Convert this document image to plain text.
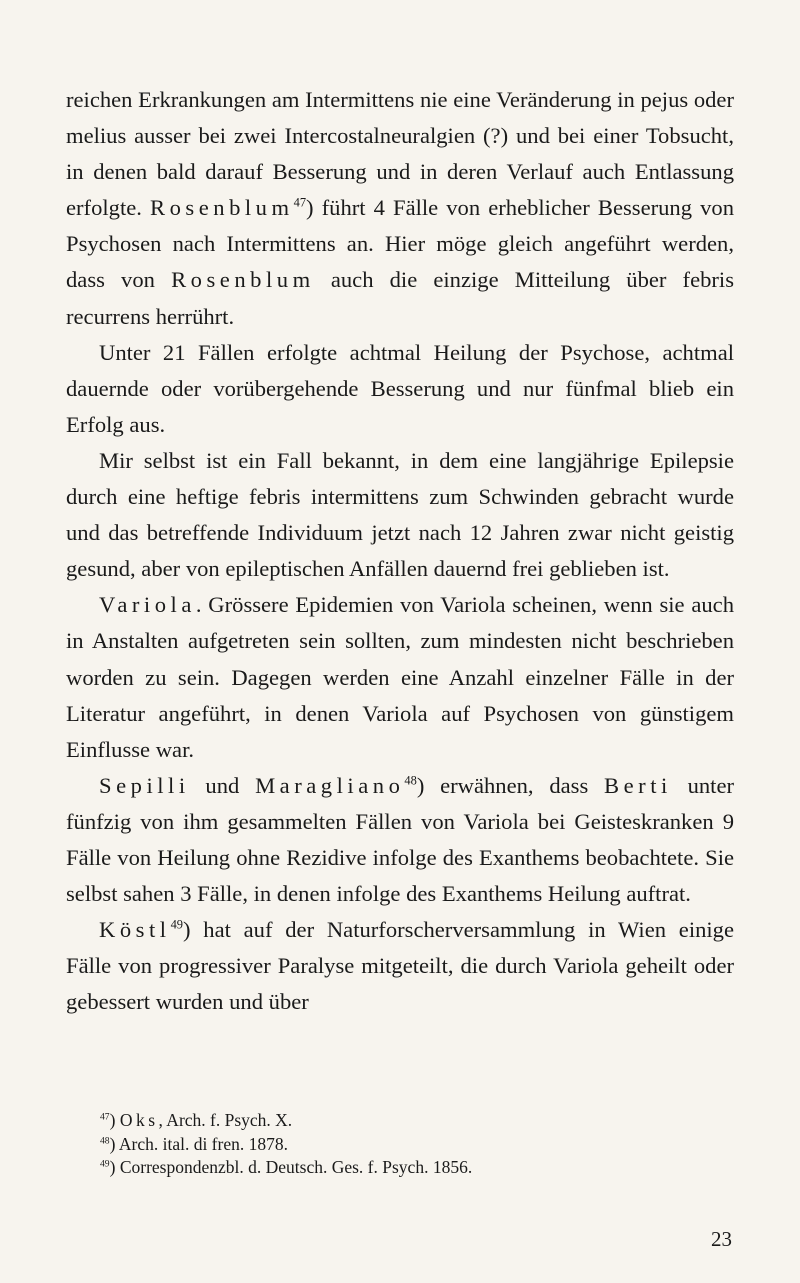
reichen Erkrankungen am Intermittens nie eine Veränderung in pejus oder melius ausser bei zwei Intercostalneuralgien (?) und bei einer Tobsucht, in denen bald darauf Besserung und in deren Verlauf auch Entlassung erfolgte. Rosenblum$^{47}$) führt 4 Fälle von erheblicher Besserung von Psychosen nach Intermittens an. Hier möge gleich angeführt werden, dass von Rosenblum auch die einzige Mitteilung über febris recurrens herrührt.

Unter 21 Fällen erfolgte achtmal Heilung der Psychose, achtmal dauernde oder vorübergehende Besserung und nur fünfmal blieb ein Erfolg aus.

Mir selbst ist ein Fall bekannt, in dem eine langjährige Epilepsie durch eine heftige febris intermittens zum Schwinden gebracht wurde und das betreffende Individuum jetzt nach 12 Jahren zwar nicht geistig gesund, aber von epileptischen Anfällen dauernd frei geblieben ist.

Variola. Grössere Epidemien von Variola scheinen, wenn sie auch in Anstalten aufgetreten sein sollten, zum mindesten nicht beschrieben worden zu sein. Dagegen werden eine Anzahl einzelner Fälle in der Literatur angeführt, in denen Variola auf Psychosen von günstigem Einflusse war.

Sepilli und Maragliano$^{48}$) erwähnen, dass Berti unter fünfzig von ihm gesammelten Fällen von Variola bei Geisteskranken 9 Fälle von Heilung ohne Rezidive infolge des Exanthems beobachtete. Sie selbst sahen 3 Fälle, in denen infolge des Exanthems Heilung auftrat.

Köstl$^{49}$) hat auf der Naturforscherversammlung in Wien einige Fälle von progressiver Paralyse mitgeteilt, die durch Variola geheilt oder gebessert wurden und über

$^{47}$) Oks, Arch. f. Psych. X.
$^{48}$) Arch. ital. di fren. 1878.
$^{49}$) Correspondenzbl. d. Deutsch. Ges. f. Psych. 1856.
23
